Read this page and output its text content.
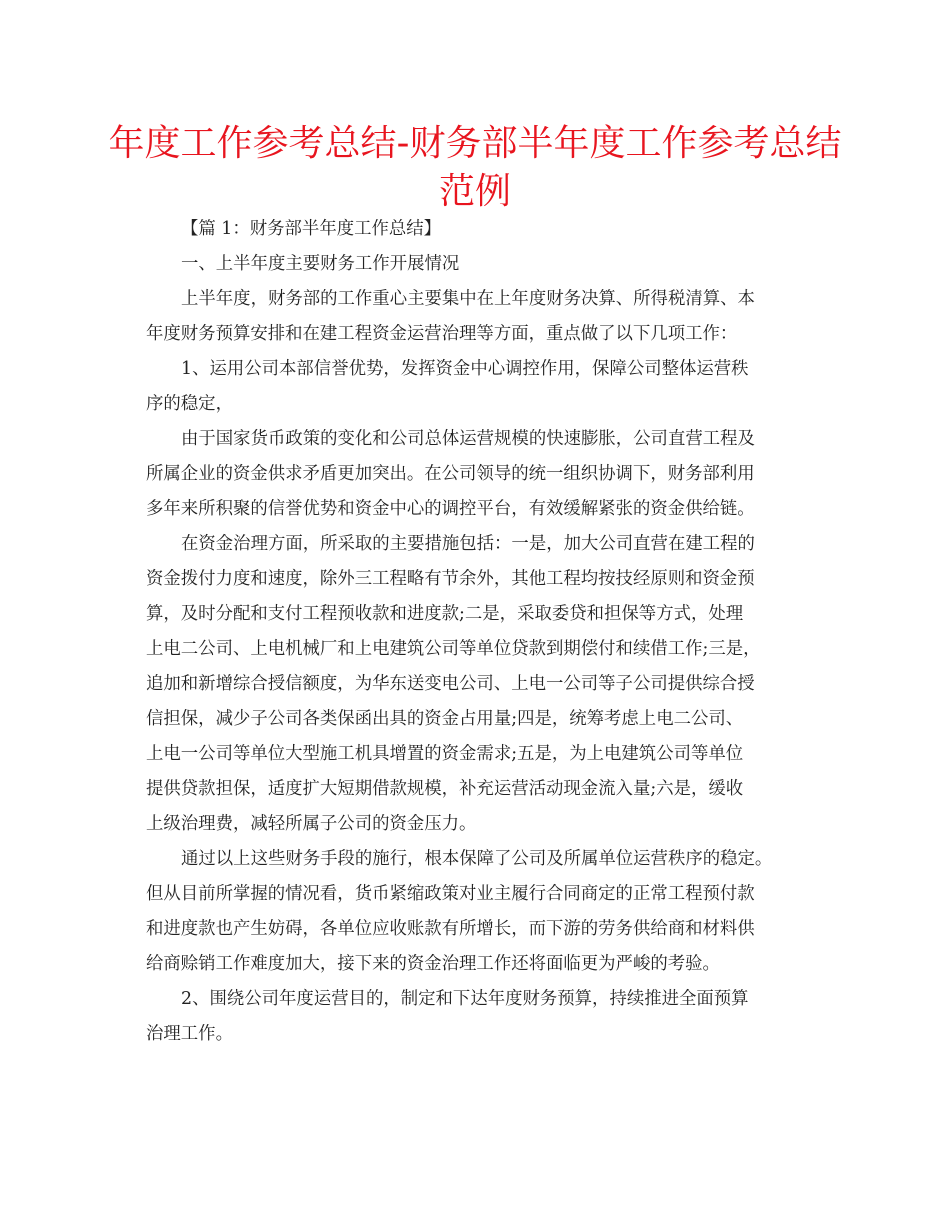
年度工作参考总结-财务部半年度工作参考总结
范例
【篇 1：财务部半年度工作总结】
一、上半年度主要财务工作开展情况
上半年度，财务部的工作重心主要集中在上年度财务决算、所得税清算、本
年度财务预算安排和在建工程资金运营治理等方面，重点做了以下几项工作：
1、运用公司本部信誉优势，发挥资金中心调控作用，保障公司整体运营秩
序的稳定，
由于国家货币政策的变化和公司总体运营规模的快速膨胀，公司直营工程及
所属企业的资金供求矛盾更加突出。在公司领导的统一组织协调下，财务部利用
多年来所积聚的信誉优势和资金中心的调控平台，有效缓解紧张的资金供给链。
在资金治理方面，所采取的主要措施包括：一是，加大公司直营在建工程的
资金拨付力度和速度，除外三工程略有节余外，其他工程均按技经原则和资金预
算，及时分配和支付工程预收款和进度款;二是，采取委贷和担保等方式，处理
上电二公司、上电机械厂和上电建筑公司等单位贷款到期偿付和续借工作;三是，
追加和新增综合授信额度，为华东送变电公司、上电一公司等子公司提供综合授
信担保，减少子公司各类保函出具的资金占用量;四是，统筹考虑上电二公司、
上电一公司等单位大型施工机具增置的资金需求;五是，为上电建筑公司等单位
提供贷款担保，适度扩大短期借款规模，补充运营活动现金流入量;六是，缓收
上级治理费，减轻所属子公司的资金压力。
通过以上这些财务手段的施行，根本保障了公司及所属单位运营秩序的稳定。
但从目前所掌握的情况看，货币紧缩政策对业主履行合同商定的正常工程预付款
和进度款也产生妨碍，各单位应收账款有所增长，而下游的劳务供给商和材料供
给商赊销工作难度加大，接下来的资金治理工作还将面临更为严峻的考验。
2、围绕公司年度运营目的，制定和下达年度财务预算，持续推进全面预算
治理工作。
